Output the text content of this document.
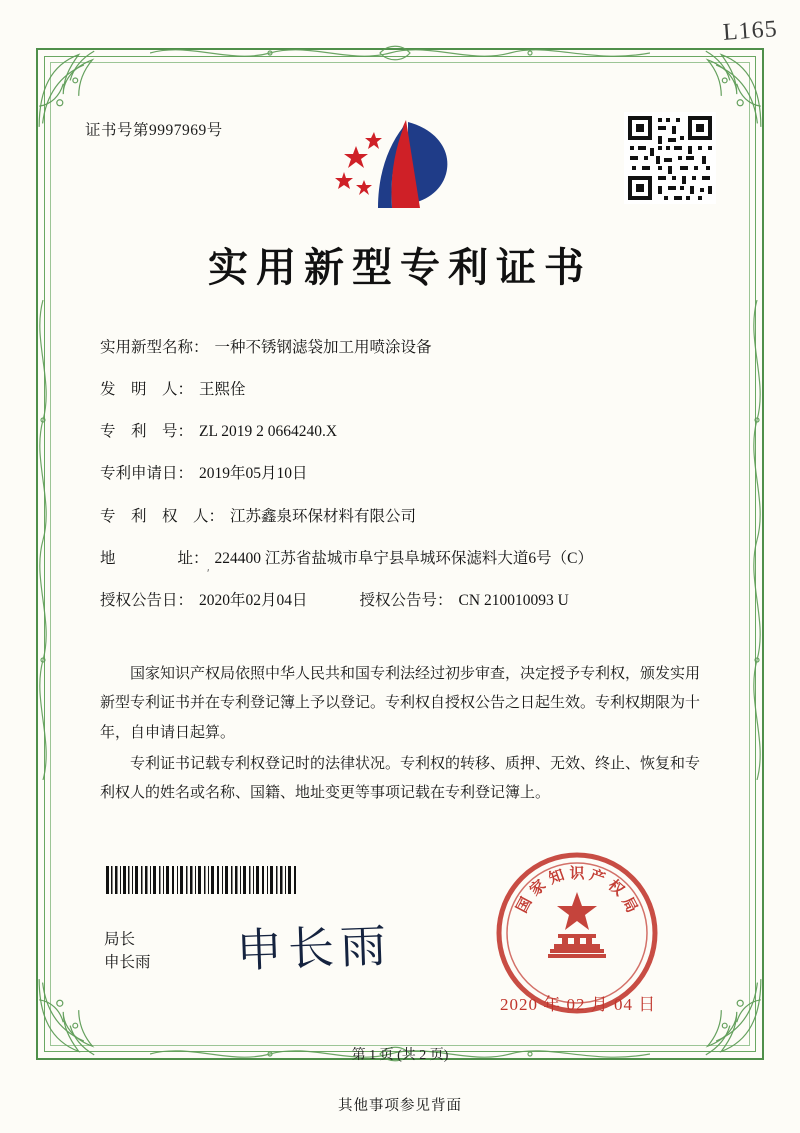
L165
证书号第9997969号
实用新型专利证书
实用新型名称： 一种不锈钢滤袋加工用喷涂设备
发　明　人： 王熙佺
专　利　号： ZL 2019 2 0664240.X
专利申请日： 2019年05月10日
专　利　权　人： 江苏鑫泉环保材料有限公司
地　　　　址： 224400 江苏省盐城市阜宁县阜城环保滤料大道6号（C）
授权公告日： 2020年02月04日	授权公告号： CN 210010093 U
ʹ

国家知识产权局依照中华人民共和国专利法经过初步审查，决定授予专利权，颁发实用新型专利证书并在专利登记簿上予以登记。专利权自授权公告之日起生效。专利权期限为十年，自申请日起算。

专利证书记载专利权登记时的法律状况。专利权的转移、质押、无效、终止、恢复和专利权人的姓名或名称、国籍、地址变更等事项记载在专利登记簿上。

局长
申长雨 申长雨
国
家
知 识 产
权
局
2020 年 02 月 04 日
第 1 页 (共 2 页)
其他事项参见背面
